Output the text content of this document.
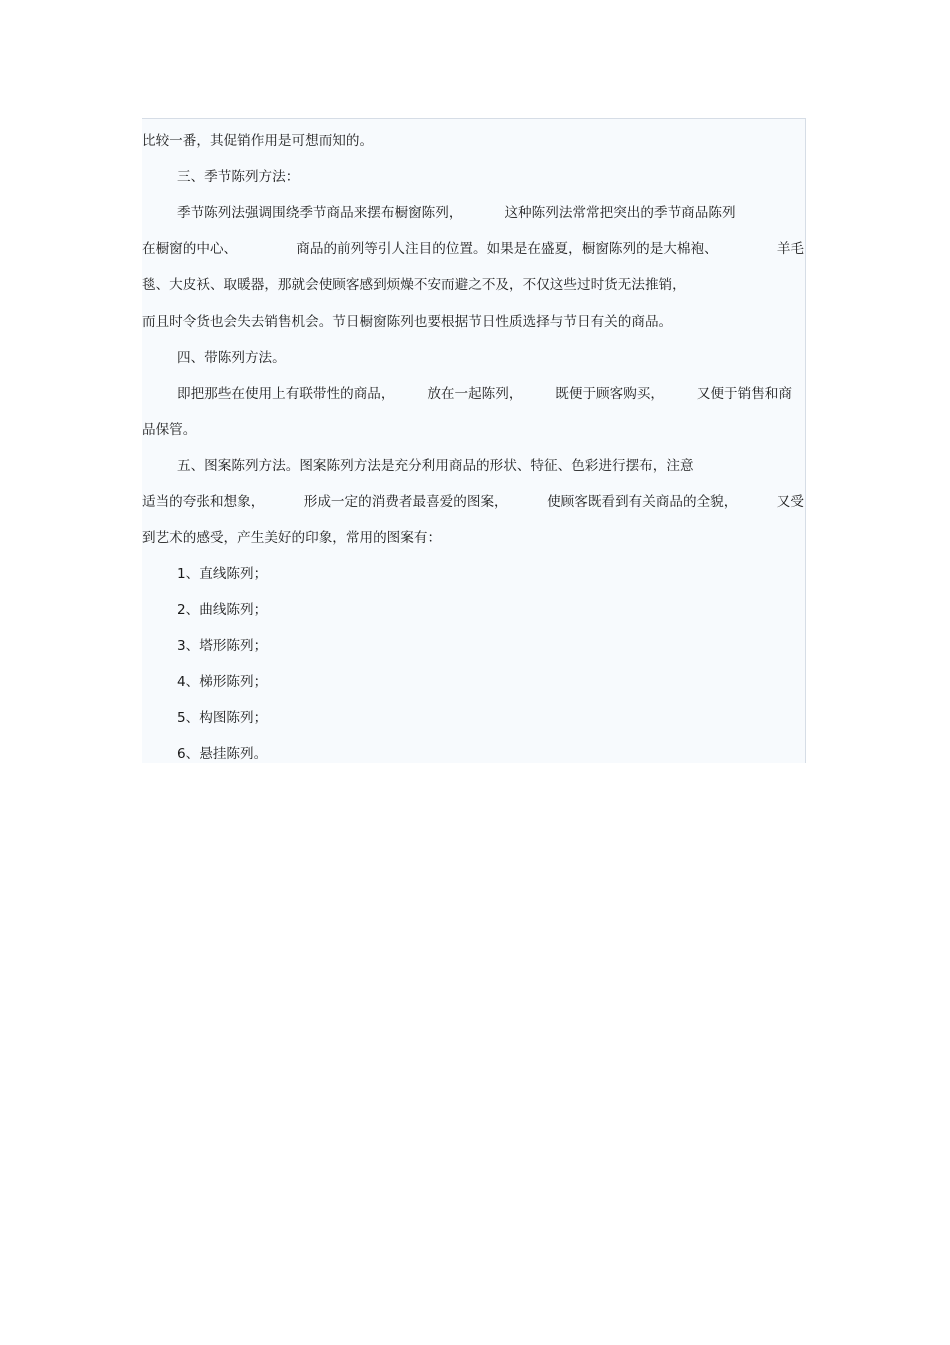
比较一番，其促销作用是可想而知的。
三、季节陈列方法：
季节陈列法强调围绕季节商品来摆布橱窗陈列，	这种陈列法常常把突出的季节商品陈列
在橱窗的中心、	商品的前列等引人注目的位置。如果是在盛夏，橱窗陈列的是大棉袍、	羊毛
毯、大皮袄、取暖器，那就会使顾客感到烦燥不安而避之不及，不仅这些过时货无法推销，
而且时令货也会失去销售机会。节日橱窗陈列也要根据节日性质选择与节日有关的商品。
四、带陈列方法。
即把那些在使用上有联带性的商品， 放在一起陈列， 既便于顾客购买， 又便于销售和商
品保管。
五、图案陈列方法。图案陈列方法是充分利用商品的形状、特征、色彩进行摆布，注意
适当的夸张和想象，	形成一定的消费者最喜爱的图案，	使顾客既看到有关商品的全貌，	又受
到艺术的感受，产生美好的印象，常用的图案有：
1、直线陈列；
2、曲线陈列；
3、塔形陈列；
4、梯形陈列；
5、构图陈列；
6、悬挂陈列。
